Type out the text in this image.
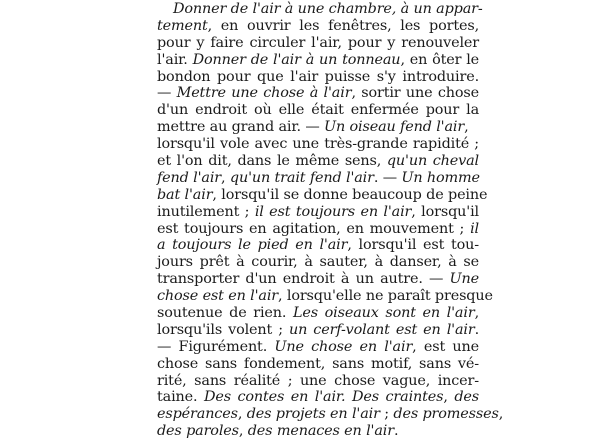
Donner de l'air à une chambre, à un appar-
tement, en ouvrir les fenêtres, les portes,
pour y faire circuler l'air, pour y renouveler
l'air. Donner de l'air à un tonneau, en ôter le
bondon pour que l'air puisse s'y introduire.
— Mettre une chose à l'air, sortir une chose
d'un endroit où elle était enfermée pour la
mettre au grand air. — Un oiseau fend l'air,
lorsqu'il vole avec une très-grande rapidité ;
et l'on dit, dans le même sens, qu'un cheval
fend l'air, qu'un trait fend l'air. — Un homme
bat l'air, lorsqu'il se donne beaucoup de peine
inutilement ; il est toujours en l'air, lorsqu'il
est toujours en agitation, en mouvement ; il
a toujours le pied en l'air, lorsqu'il est tou-
jours prêt à courir, à sauter, à danser, à se
transporter d'un endroit à un autre. — Une
chose est en l'air, lorsqu'elle ne paraît presque
soutenue de rien. Les oiseaux sont en l'air,
lorsqu'ils volent ; un cerf-volant est en l'air.
— Figurément. Une chose en l'air, est une
chose sans fondement, sans motif, sans vé-
rité, sans réalité ; une chose vague, incer-
taine. Des contes en l'air. Des craintes, des
espérances, des projets en l'air ; des promesses,
des paroles, des menaces en l'air.
